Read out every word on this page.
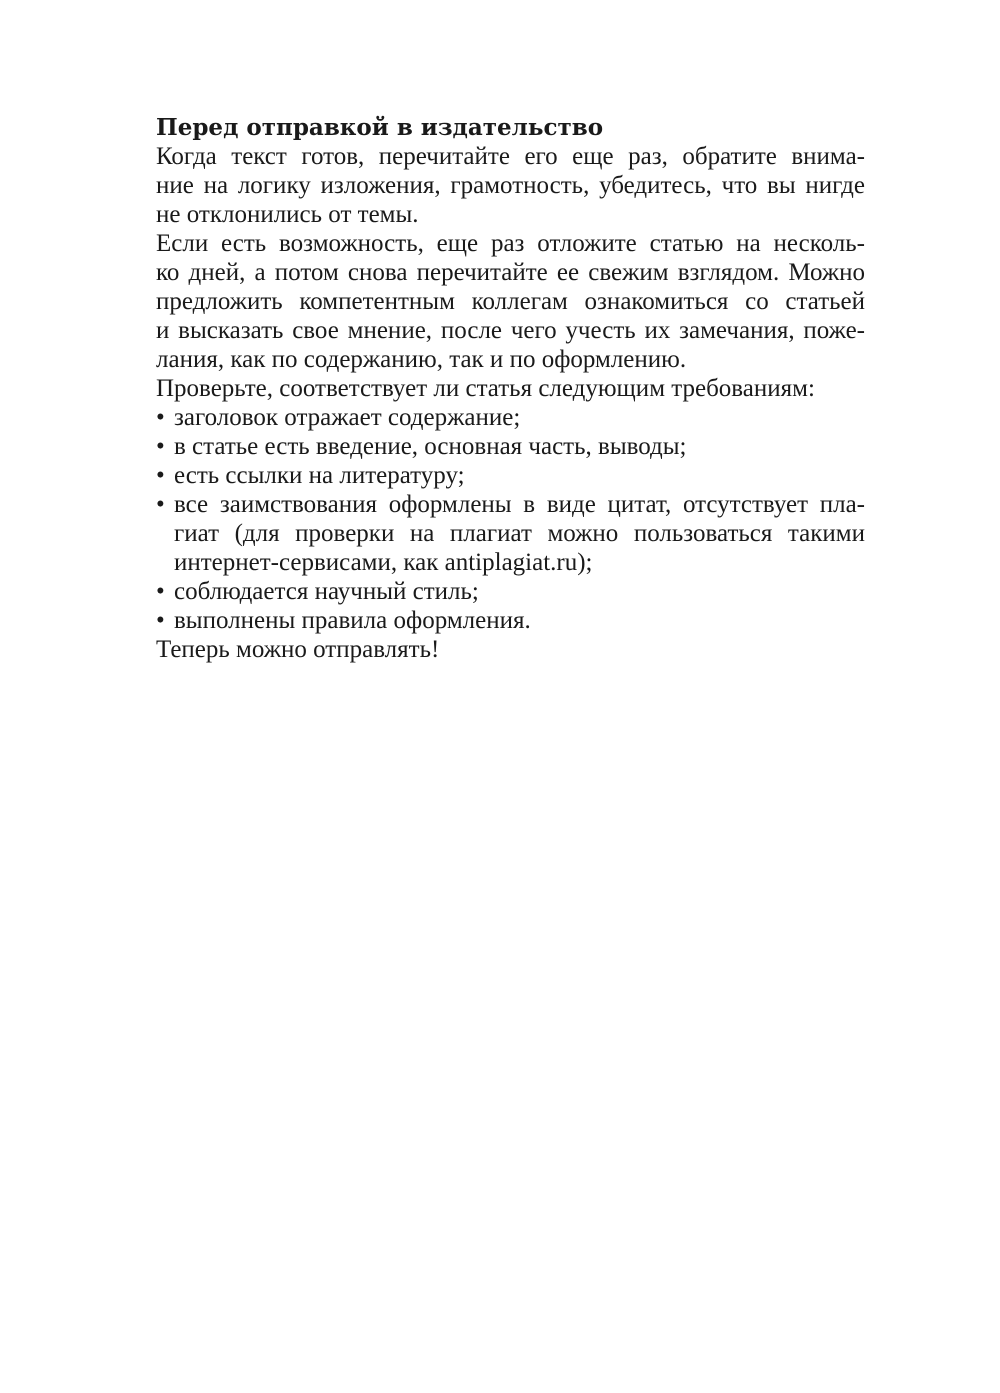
Перед отправкой в издательство

Когда текст готов, перечитайте его еще раз, обратите внима-
ние на логику изложения, грамотность, убедитесь, что вы нигде
не отклонились от темы.

Если есть возможность, еще раз отложите статью на несколь-
ко дней, а потом снова перечитайте ее свежим взглядом. Можно
предложить компетентным коллегам ознакомиться со статьей
и высказать свое мнение, после чего учесть их замечания, поже-
лания, как по содержанию, так и по оформлению.

Проверьте, соответствует ли статья следующим требованиям:

• заголовок отражает содержание;
• в статье есть введение, основная часть, выводы;
• есть ссылки на литературу;
• все заимствования оформлены в виде цитат, отсутствует пла-
гиат (для проверки на плагиат можно пользоваться такими
интернет-сервисами, как antiplagiat.ru);
• соблюдается научный стиль;
• выполнены правила оформления.

Теперь можно отправлять!
